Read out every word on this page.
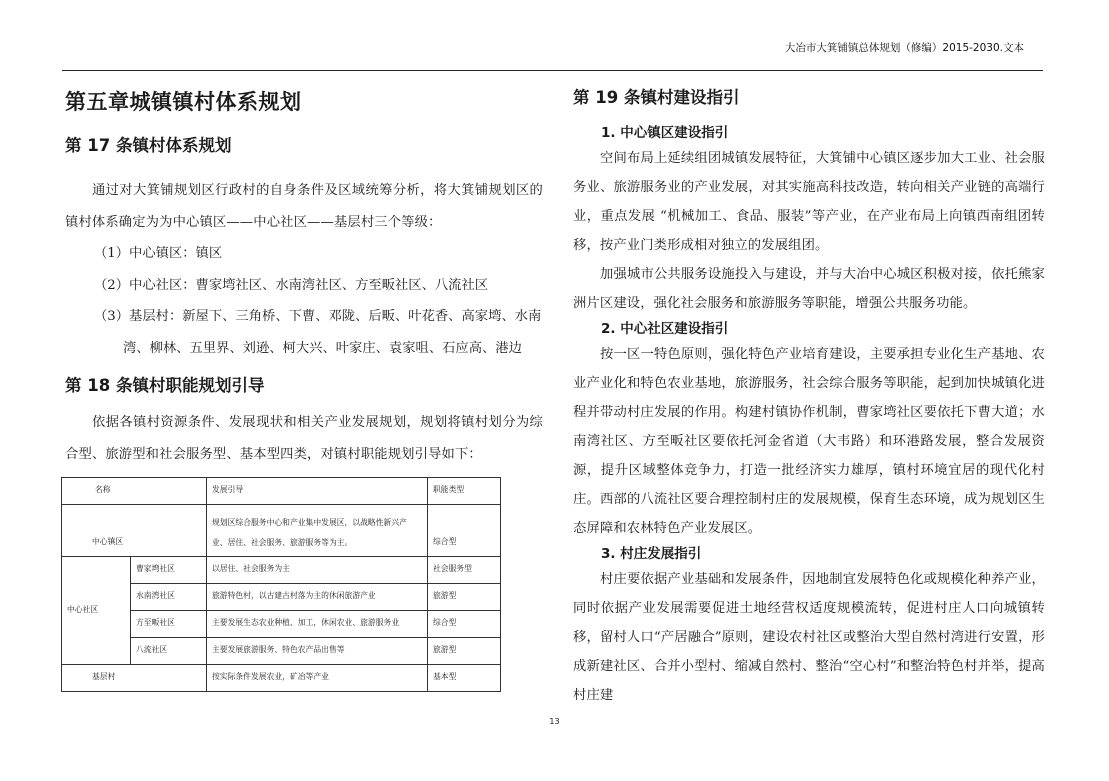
大冶市大箕铺镇总体规划（修编）2015-2030.文本
第五章城镇镇村体系规划
第 17 条镇村体系规划

通过对大箕铺规划区行政村的自身条件及区域统筹分析，将大箕铺规划区的镇村体系确定为为中心镇区——中心社区——基层村三个等级：

（1）中心镇区：镇区
（2）中心社区：曹家塆社区、水南湾社区、方至畈社区、八流社区
（3）基层村：新屋下、三角桥、下曹、邓陇、后畈、叶花香、高家塆、水南湾、柳林、五里界、刘逊、柯大兴、叶家庄、袁家咀、石应高、港边
第 18 条镇村职能规划引导

依据各镇村资源条件、发展现状和相关产业发展规划，规划将镇村划分为综合型、旅游型和社会服务型、基本型四类，对镇村职能规划引导如下：

名称		发展引导	职能类型
中心镇区		规划区综合服务中心和产业集中发展区，以战略性新兴产业、居住、社会服务、旅游服务等为主。	综合型
中心社区	曹家塆社区	以居住、社会服务为主	社会服务型
	水南湾社区	旅游特色村，以古建古村落为主的休闲旅游产业	旅游型
	方至畈社区	主要发展生态农业种植、加工，休闲农业、旅游服务业	综合型
	八流社区	主要发展旅游服务、特色农产品出售等	旅游型
基层村		按实际条件发展农业，矿冶等产业	基本型
第 19 条镇村建设指引
1. 中心镇区建设指引

空间布局上延续组团城镇发展特征，大箕铺中心镇区逐步加大工业、社会服务业、旅游服务业的产业发展，对其实施高科技改造，转向相关产业链的高端行业，重点发展 “机械加工、食品、服装”等产业，在产业布局上向镇西南组团转移，按产业门类形成相对独立的发展组团。

加强城市公共服务设施投入与建设，并与大冶中心城区积极对接，依托熊家洲片区建设，强化社会服务和旅游服务等职能，增强公共服务功能。

2. 中心社区建设指引

按一区一特色原则，强化特色产业培育建设，主要承担专业化生产基地、农业产业化和特色农业基地，旅游服务，社会综合服务等职能，起到加快城镇化进程并带动村庄发展的作用。构建村镇协作机制，曹家塆社区要依托下曹大道；水南湾社区、方至畈社区要依托河金省道（大韦路）和环港路发展，整合发展资源，提升区域整体竞争力，打造一批经济实力雄厚，镇村环境宜居的现代化村庄。西部的八流社区要合理控制村庄的发展规模，保育生态环境，成为规划区生态屏障和农林特色产业发展区。

3. 村庄发展指引

村庄要依据产业基础和发展条件，因地制宜发展特色化或规模化种养产业，同时依据产业发展需要促进土地经营权适度规模流转，促进村庄人口向城镇转移，留村人口“产居融合”原则，建设农村社区或整治大型自然村湾进行安置，形成新建社区、合并小型村、缩减自然村、整治“空心村”和整治特色村并举，提高村庄建

13
